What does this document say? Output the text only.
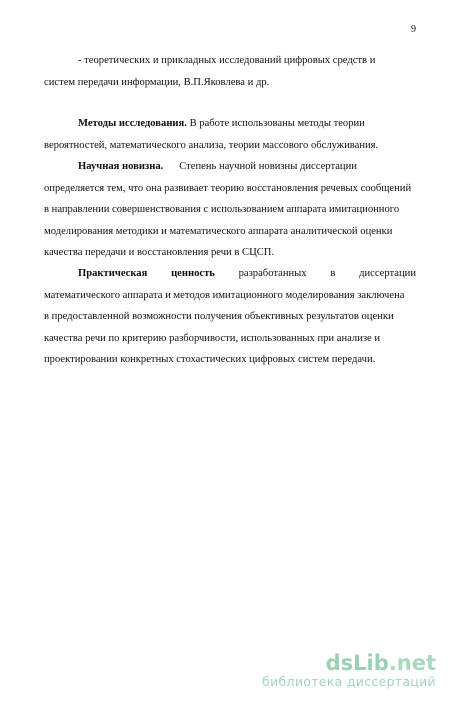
9
- теоретических и прикладных исследований цифровых средств и
систем передачи информации, В.П.Яковлева и др.
Методы исследования. В работе использованы методы теории
вероятностей, математического анализа, теории массового обслуживания.
Научная новизна. Степень научной новизны диссертации
определяется тем, что она развивает теорию восстановления речевых сообщений
в направлении совершенствования с использованием аппарата имитационного
моделирования методики и математического аппарата аналитической оценки
качества передачи и восстановления речи в СЦСП.
Практическая ценность разработанных в диссертации
математического аппарата и методов имитационного моделирования заключена
в предоставленной возможности получения объективных результатов оценки
качества речи по критерию разборчивости, использованных при анализе и
проектировании конкретных стохастических цифровых систем передачи.
dsLib.net
библиотека диссертаций
